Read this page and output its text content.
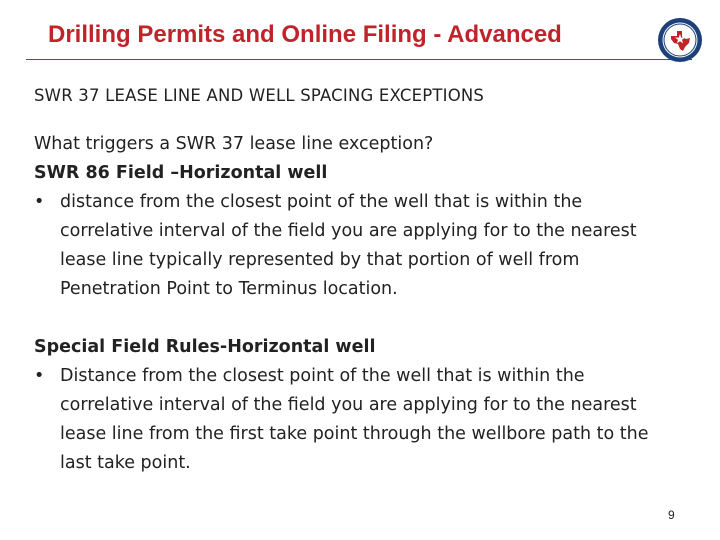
Drilling Permits and Online Filing - Advanced
SWR 37 LEASE LINE AND WELL SPACING EXCEPTIONS
What triggers a SWR 37 lease line exception?
SWR 86 Field –Horizontal well
• distance from the closest point of the well that is within the correlative interval of the field you are applying for to the nearest lease line typically represented by that portion of well from Penetration Point to Terminus location.
Special Field Rules-Horizontal well
• Distance from the closest point of the well that is within the correlative interval of the field you are applying for to the nearest lease line from the first take point through the wellbore path to the last take point.
9
